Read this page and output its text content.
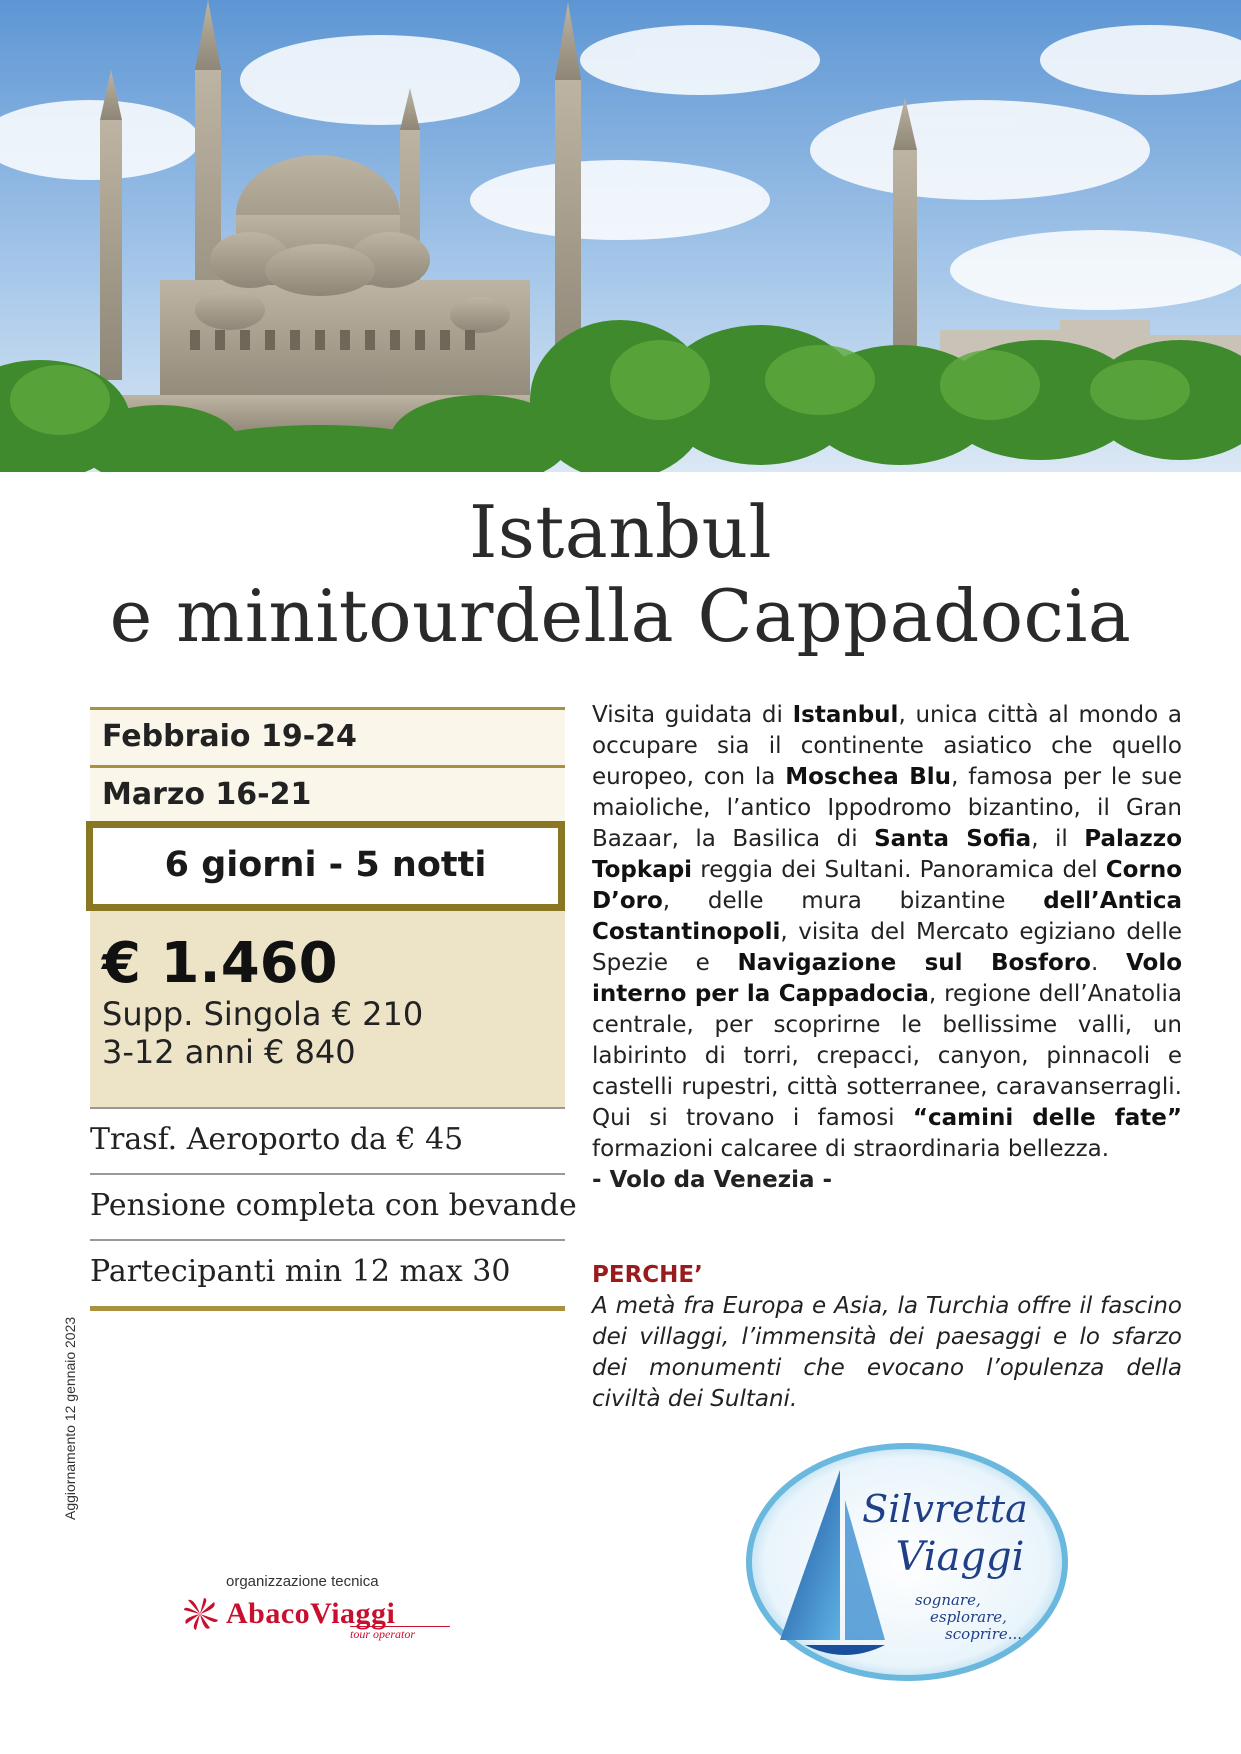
Istanbul
e minitourdella Cappadocia
Febbraio 19-24
Marzo 16-21
6 giorni - 5 notti
€ 1.460
Supp. Singola € 210
3-12 anni € 840
Trasf. Aeroporto da € 45
Pensione completa con bevande
Partecipanti min 12 max 30
Visita guidata di Istanbul, unica città al mondo a occupare sia il continente asiatico che quello europeo, con la Moschea Blu, famosa per le sue maioliche, l’antico Ippodromo bizantino, il Gran Bazaar, la Basilica di Santa Sofia, il Palazzo Topkapi reggia dei Sultani. Panoramica del Corno D’oro, delle mura bizantine dell’Antica Costantinopoli, visita del Mercato egiziano delle Spezie e Navigazione sul Bosforo. Volo interno per la Cappadocia, regione dell’Anatolia centrale, per scoprirne le bellissime valli, un labirinto di torri, crepacci, canyon, pinnacoli e castelli rupestri, città sotterranee, caravanserragli. Qui si trovano i famosi “camini delle fate” formazioni calcaree di straordinaria bellezza.
- Volo da Venezia -
PERCHE’
A metà fra Europa e Asia, la Turchia offre il fascino dei villaggi, l’immensità dei paesaggi e lo sfarzo dei monumenti che evocano l’opulenza della civiltà dei Sultani.
Aggiornamento 12 gennaio 2023
organizzazione tecnica
AbacoViaggi
tour operator
Silvretta
Viaggi
sognare,
esplorare,
scoprire...
